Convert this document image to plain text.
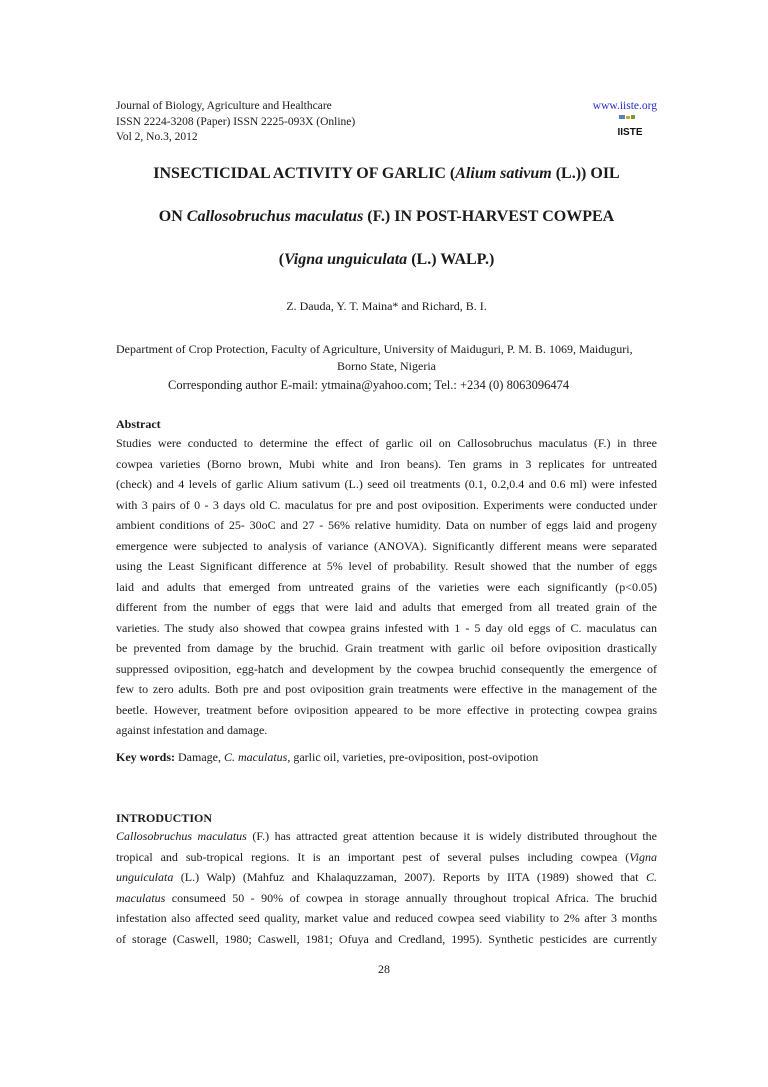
Journal of Biology, Agriculture and Healthcare
ISSN 2224-3208 (Paper) ISSN 2225-093X (Online)
Vol 2, No.3, 2012
www.iiste.org
IISTE
INSECTICIDAL ACTIVITY OF GARLIC (Alium sativum (L.)) OIL
ON Callosobruchus maculatus (F.) IN POST-HARVEST COWPEA
(Vigna unguiculata (L.) WALP.)
Z. Dauda, Y. T. Maina* and Richard, B. I.
Department of Crop Protection, Faculty of Agriculture, University of Maiduguri, P. M. B. 1069, Maiduguri,
Borno State, Nigeria
Corresponding author E-mail: ytmaina@yahoo.com; Tel.: +234 (0) 8063096474
Abstract
Studies were conducted to determine the effect of garlic oil on Callosobruchus maculatus (F.) in three
cowpea varieties (Borno brown, Mubi white and Iron beans). Ten grams in 3 replicates for untreated
(check) and 4 levels of garlic Alium sativum (L.) seed oil treatments (0.1, 0.2,0.4 and 0.6 ml) were infested
with 3 pairs of 0 - 3 days old C. maculatus for pre and post oviposition. Experiments were conducted under
ambient conditions of 25- 30oC and 27 - 56% relative humidity. Data on number of eggs laid and progeny
emergence were subjected to analysis of variance (ANOVA). Significantly different means were separated
using the Least Significant difference at 5% level of probability. Result showed that the number of eggs
laid and adults that emerged from untreated grains of the varieties were each significantly (p<0.05)
different from the number of eggs that were laid and adults that emerged from all treated grain of the
varieties. The study also showed that cowpea grains infested with 1 - 5 day old eggs of C. maculatus can
be prevented from damage by the bruchid. Grain treatment with garlic oil before oviposition drastically
suppressed oviposition, egg-hatch and development by the cowpea bruchid consequently the emergence of
few to zero adults. Both pre and post oviposition grain treatments were effective in the management of the
beetle. However, treatment before oviposition appeared to be more effective in protecting cowpea grains
against infestation and damage.
Key words: Damage, C. maculatus, garlic oil, varieties, pre-oviposition, post-ovipotion
INTRODUCTION
Callosobruchus maculatus (F.) has attracted great attention because it is widely distributed throughout the
tropical and sub-tropical regions. It is an important pest of several pulses including cowpea (Vigna
unguiculata (L.) Walp) (Mahfuz and Khalaquzzaman, 2007). Reports by IITA (1989) showed that C.
maculatus consumeed 50 - 90% of cowpea in storage annually throughout tropical Africa. The bruchid
infestation also affected seed quality, market value and reduced cowpea seed viability to 2% after 3 months
of storage (Caswell, 1980; Caswell, 1981; Ofuya and Credland, 1995). Synthetic pesticides are currently
28
